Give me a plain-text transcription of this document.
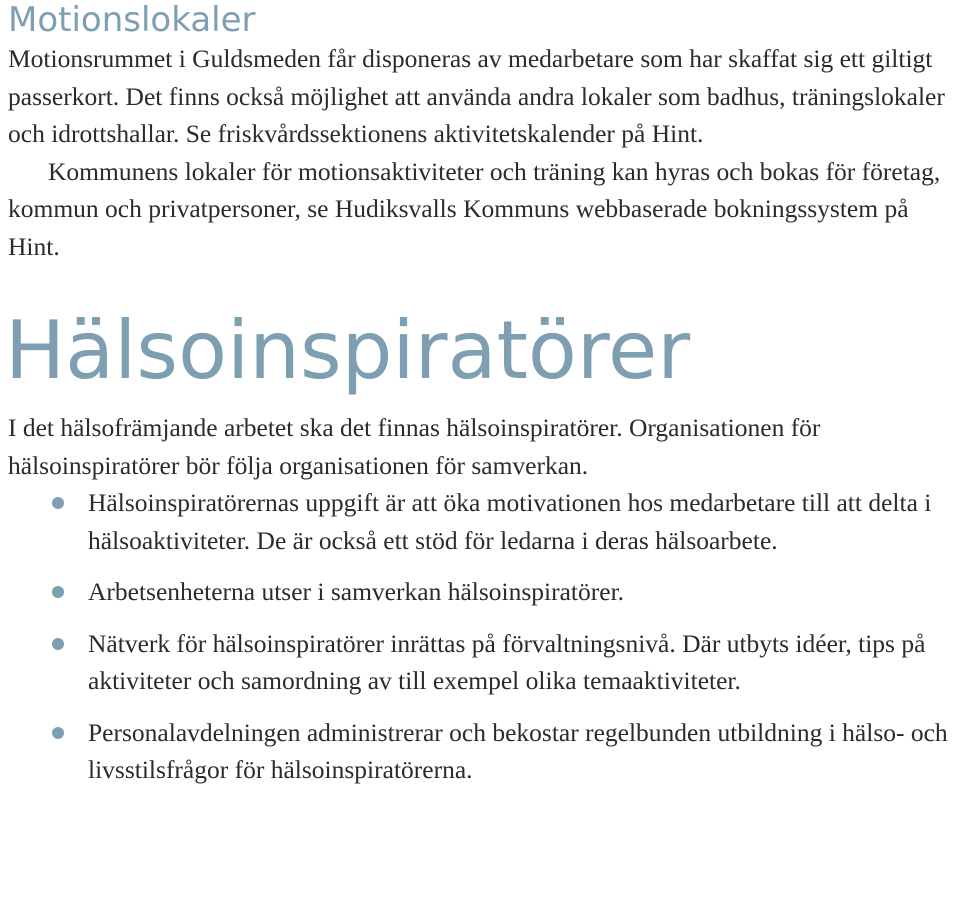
Motionslokaler

Motionsrummet i Guldsmeden får disponeras av medarbetare som har skaffat sig ett giltigt passerkort. Det finns också möjlighet att använda andra lokaler som badhus, träningslokaler och idrottshallar. Se friskvårdssektionens aktivitetskalender på Hint.

Kommunens lokaler för motionsaktiviteter och träning kan hyras och bokas för företag, kommun och privatpersoner, se Hudiksvalls Kommuns webbaserade bokningssystem på Hint.

Hälsoinspiratörer

I det hälsofrämjande arbetet ska det finnas hälsoinspiratörer. Organisationen för hälsoinspiratörer bör följa organisationen för samverkan.

Hälsoinspiratörernas uppgift är att öka motivationen hos medarbetare till att delta i hälsoaktiviteter. De är också ett stöd för ledarna i deras hälsoarbete.
Arbetsenheterna utser i samverkan hälsoinspiratörer.
Nätverk för hälsoinspiratörer inrättas på förvaltningsnivå. Där utbyts idéer, tips på aktiviteter och samordning av till exempel olika temaaktiviteter.
Personalavdelningen administrerar och bekostar regelbunden utbildning i hälso- och livsstilsfrågor för hälsoinspiratörerna.
